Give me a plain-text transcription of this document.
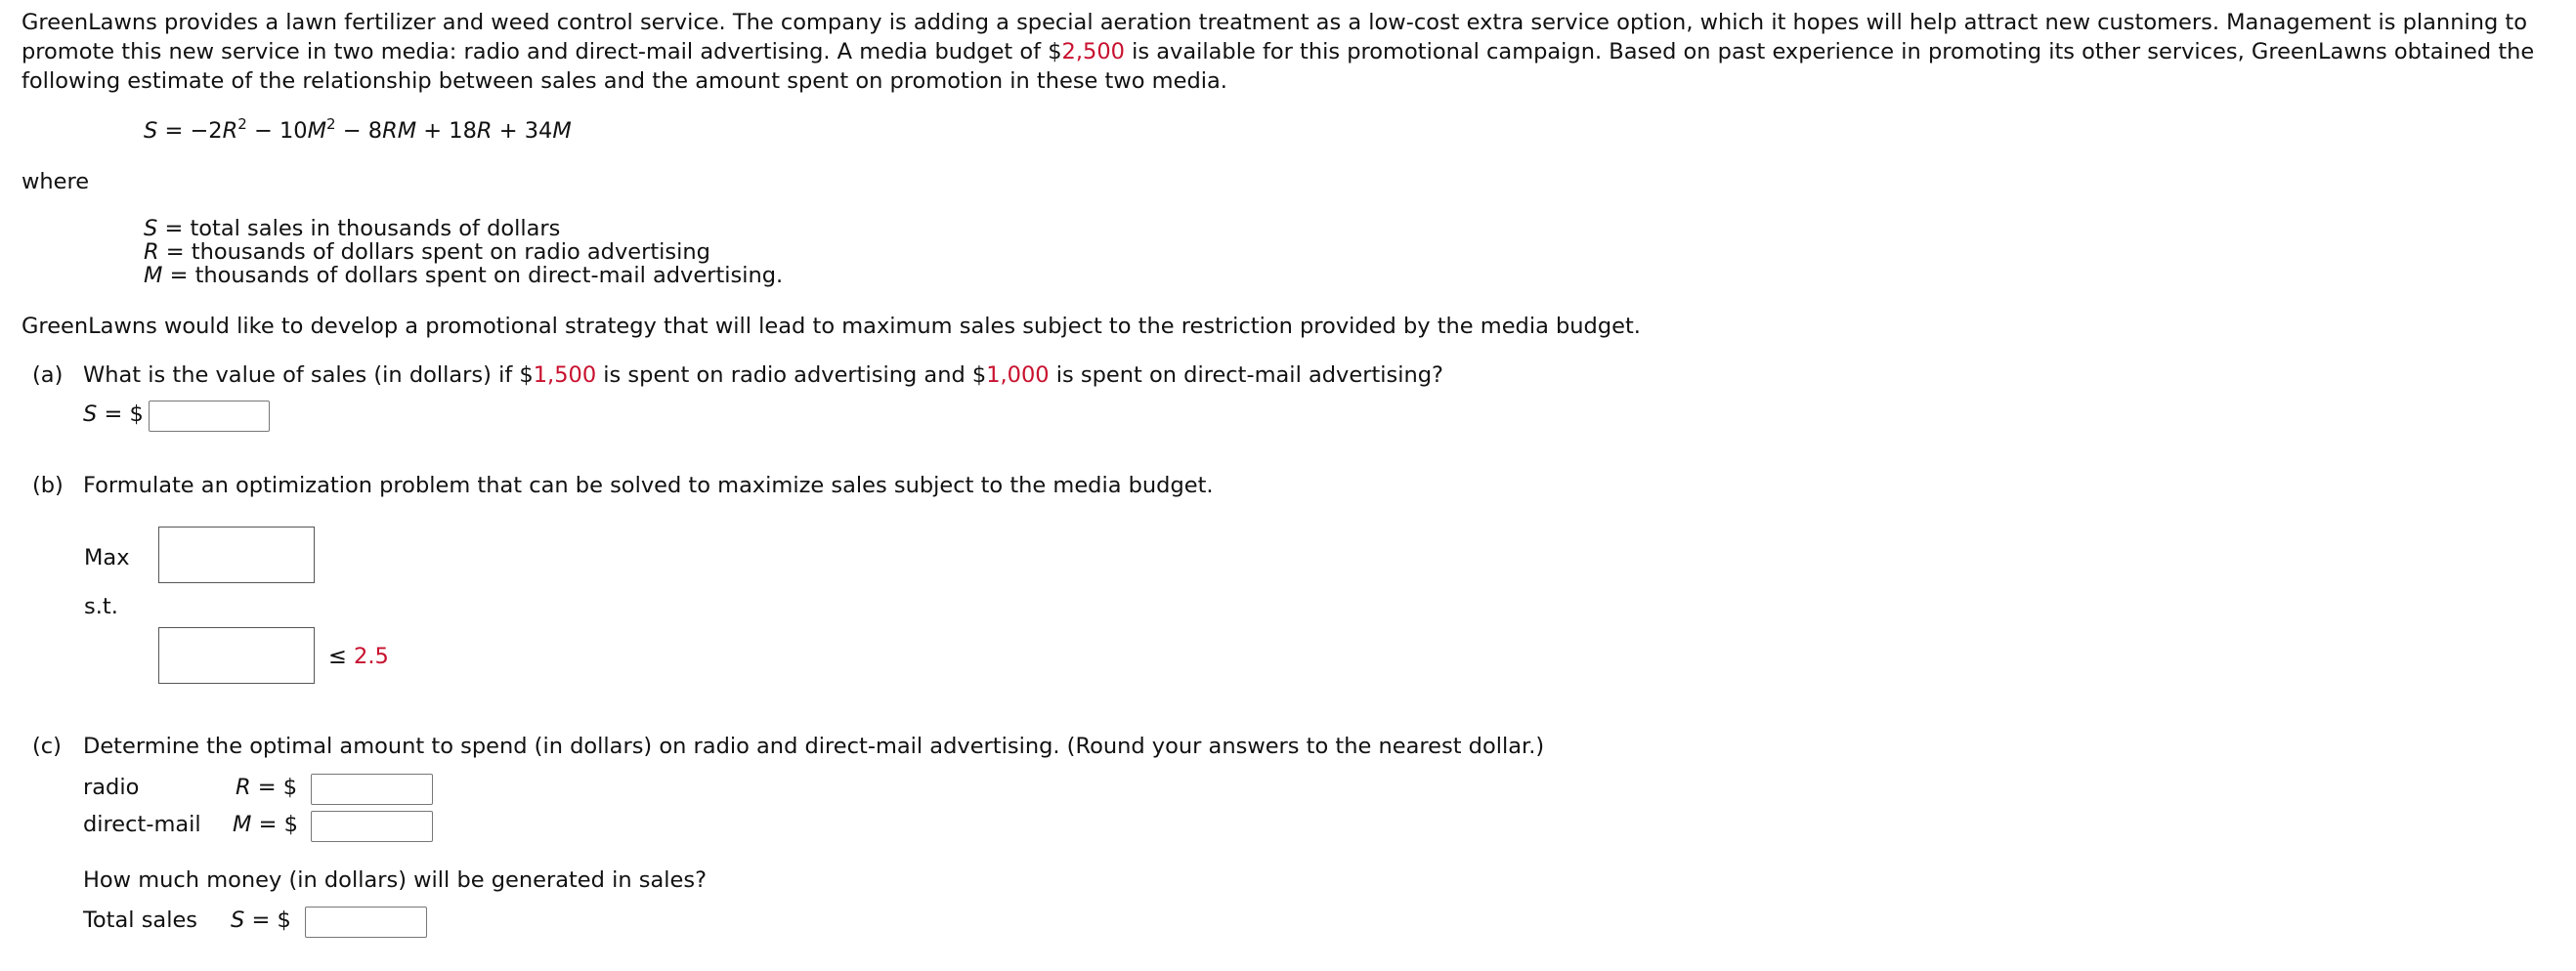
GreenLawns provides a lawn fertilizer and weed control service. The company is adding a special aeration treatment as a low-cost extra service option, which it hopes will help attract new customers. Management is planning to promote this new service in two media: radio and direct-mail advertising. A media budget of $2,500 is available for this promotional campaign. Based on past experience in promoting its other services, GreenLawns obtained the following estimate of the relationship between sales and the amount spent on promotion in these two media.
$S = -2R^2 - 10M^2 - 8RM + 18R + 34M$
where
S = total sales in thousands of dollars
R = thousands of dollars spent on radio advertising
M = thousands of dollars spent on direct-mail advertising.
GreenLawns would like to develop a promotional strategy that will lead to maximum sales subject to the restriction provided by the media budget.
(a) What is the value of sales (in dollars) if $1,500 is spent on radio advertising and $1,000 is spent on direct-mail advertising?
S = $
(b) Formulate an optimization problem that can be solved to maximize sales subject to the media budget.
Max
s.t.
≤ 2.5
(c) Determine the optimal amount to spend (in dollars) on radio and direct-mail advertising. (Round your answers to the nearest dollar.)
radio	R = $
direct-mail M = $
How much money (in dollars) will be generated in sales?
Total sales S = $
